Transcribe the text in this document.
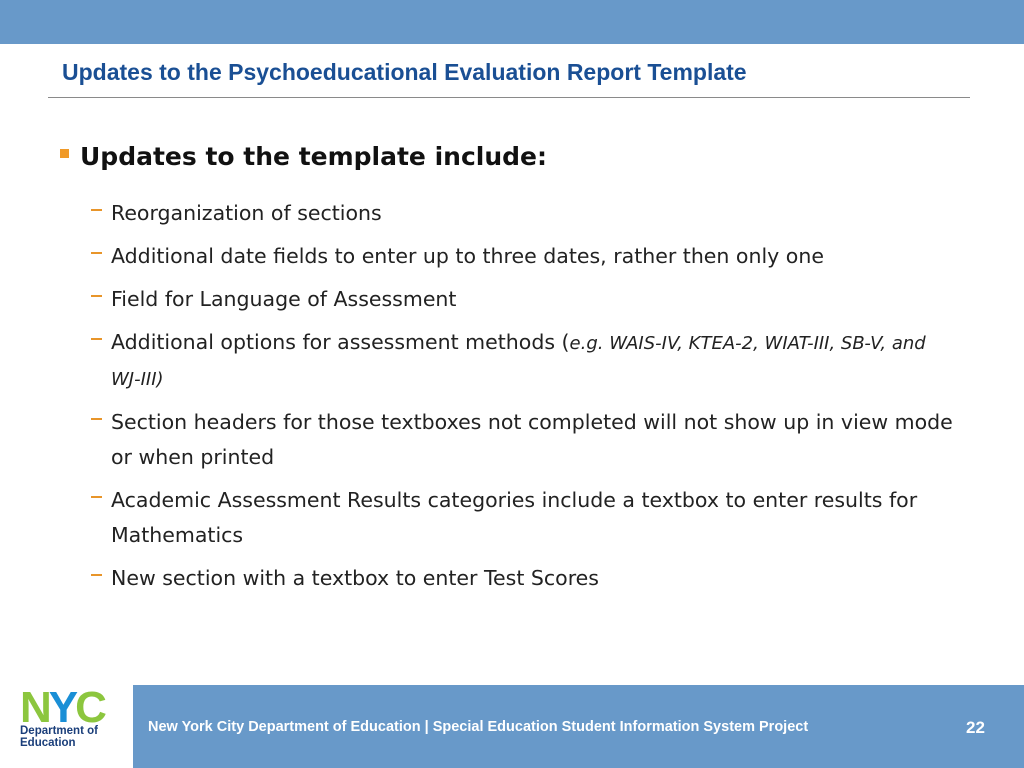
Updates to the Psychoeducational Evaluation Report Template
Updates to the template include:
Reorganization of sections
Additional date fields to enter up to three dates, rather then only one
Field for Language of Assessment
Additional options for assessment methods (e.g. WAIS-IV, KTEA-2, WIAT-III, SB-V, and WJ-III)
Section headers for those textboxes not completed will not show up in view mode or when printed
Academic Assessment Results categories include a textbox to enter results for Mathematics
New section with a textbox to enter Test Scores
NYC
Department of
Education
New York City Department of Education | Special Education Student Information System Project	22
